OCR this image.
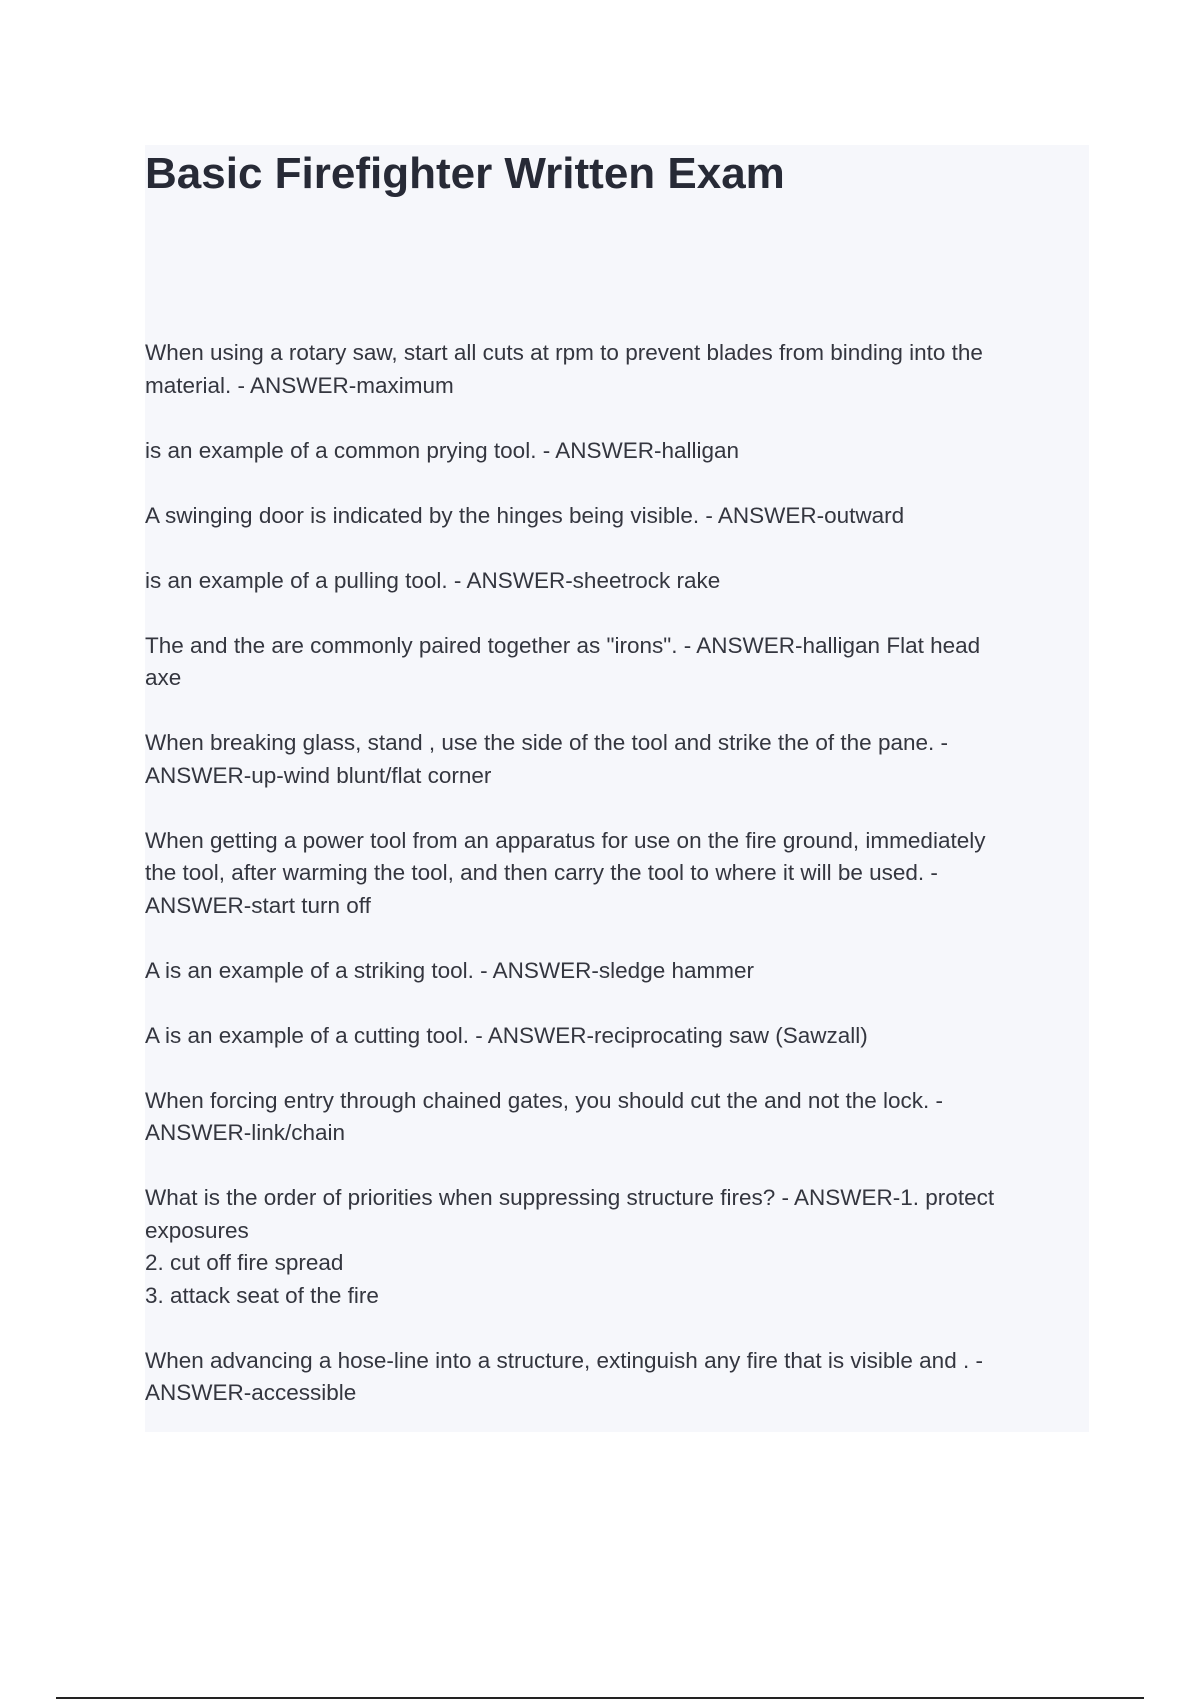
Basic Firefighter Written Exam
When using a rotary saw, start all cuts at rpm to prevent blades from binding into the
material. - ANSWER-maximum
is an example of a common prying tool. - ANSWER-halligan
A swinging door is indicated by the hinges being visible. - ANSWER-outward
is an example of a pulling tool. - ANSWER-sheetrock rake
The and the are commonly paired together as "irons". - ANSWER-halligan Flat head
axe
When breaking glass, stand , use the side of the tool and strike the of the pane. -
ANSWER-up-wind blunt/flat corner
When getting a power tool from an apparatus for use on the fire ground, immediately
the tool, after warming the tool, and then carry the tool to where it will be used. -
ANSWER-start turn off
A is an example of a striking tool. - ANSWER-sledge hammer
A is an example of a cutting tool. - ANSWER-reciprocating saw (Sawzall)
When forcing entry through chained gates, you should cut the and not the lock. -
ANSWER-link/chain
What is the order of priorities when suppressing structure fires? - ANSWER-1. protect
exposures
2. cut off fire spread
3. attack seat of the fire
When advancing a hose-line into a structure, extinguish any fire that is visible and . -
ANSWER-accessible
